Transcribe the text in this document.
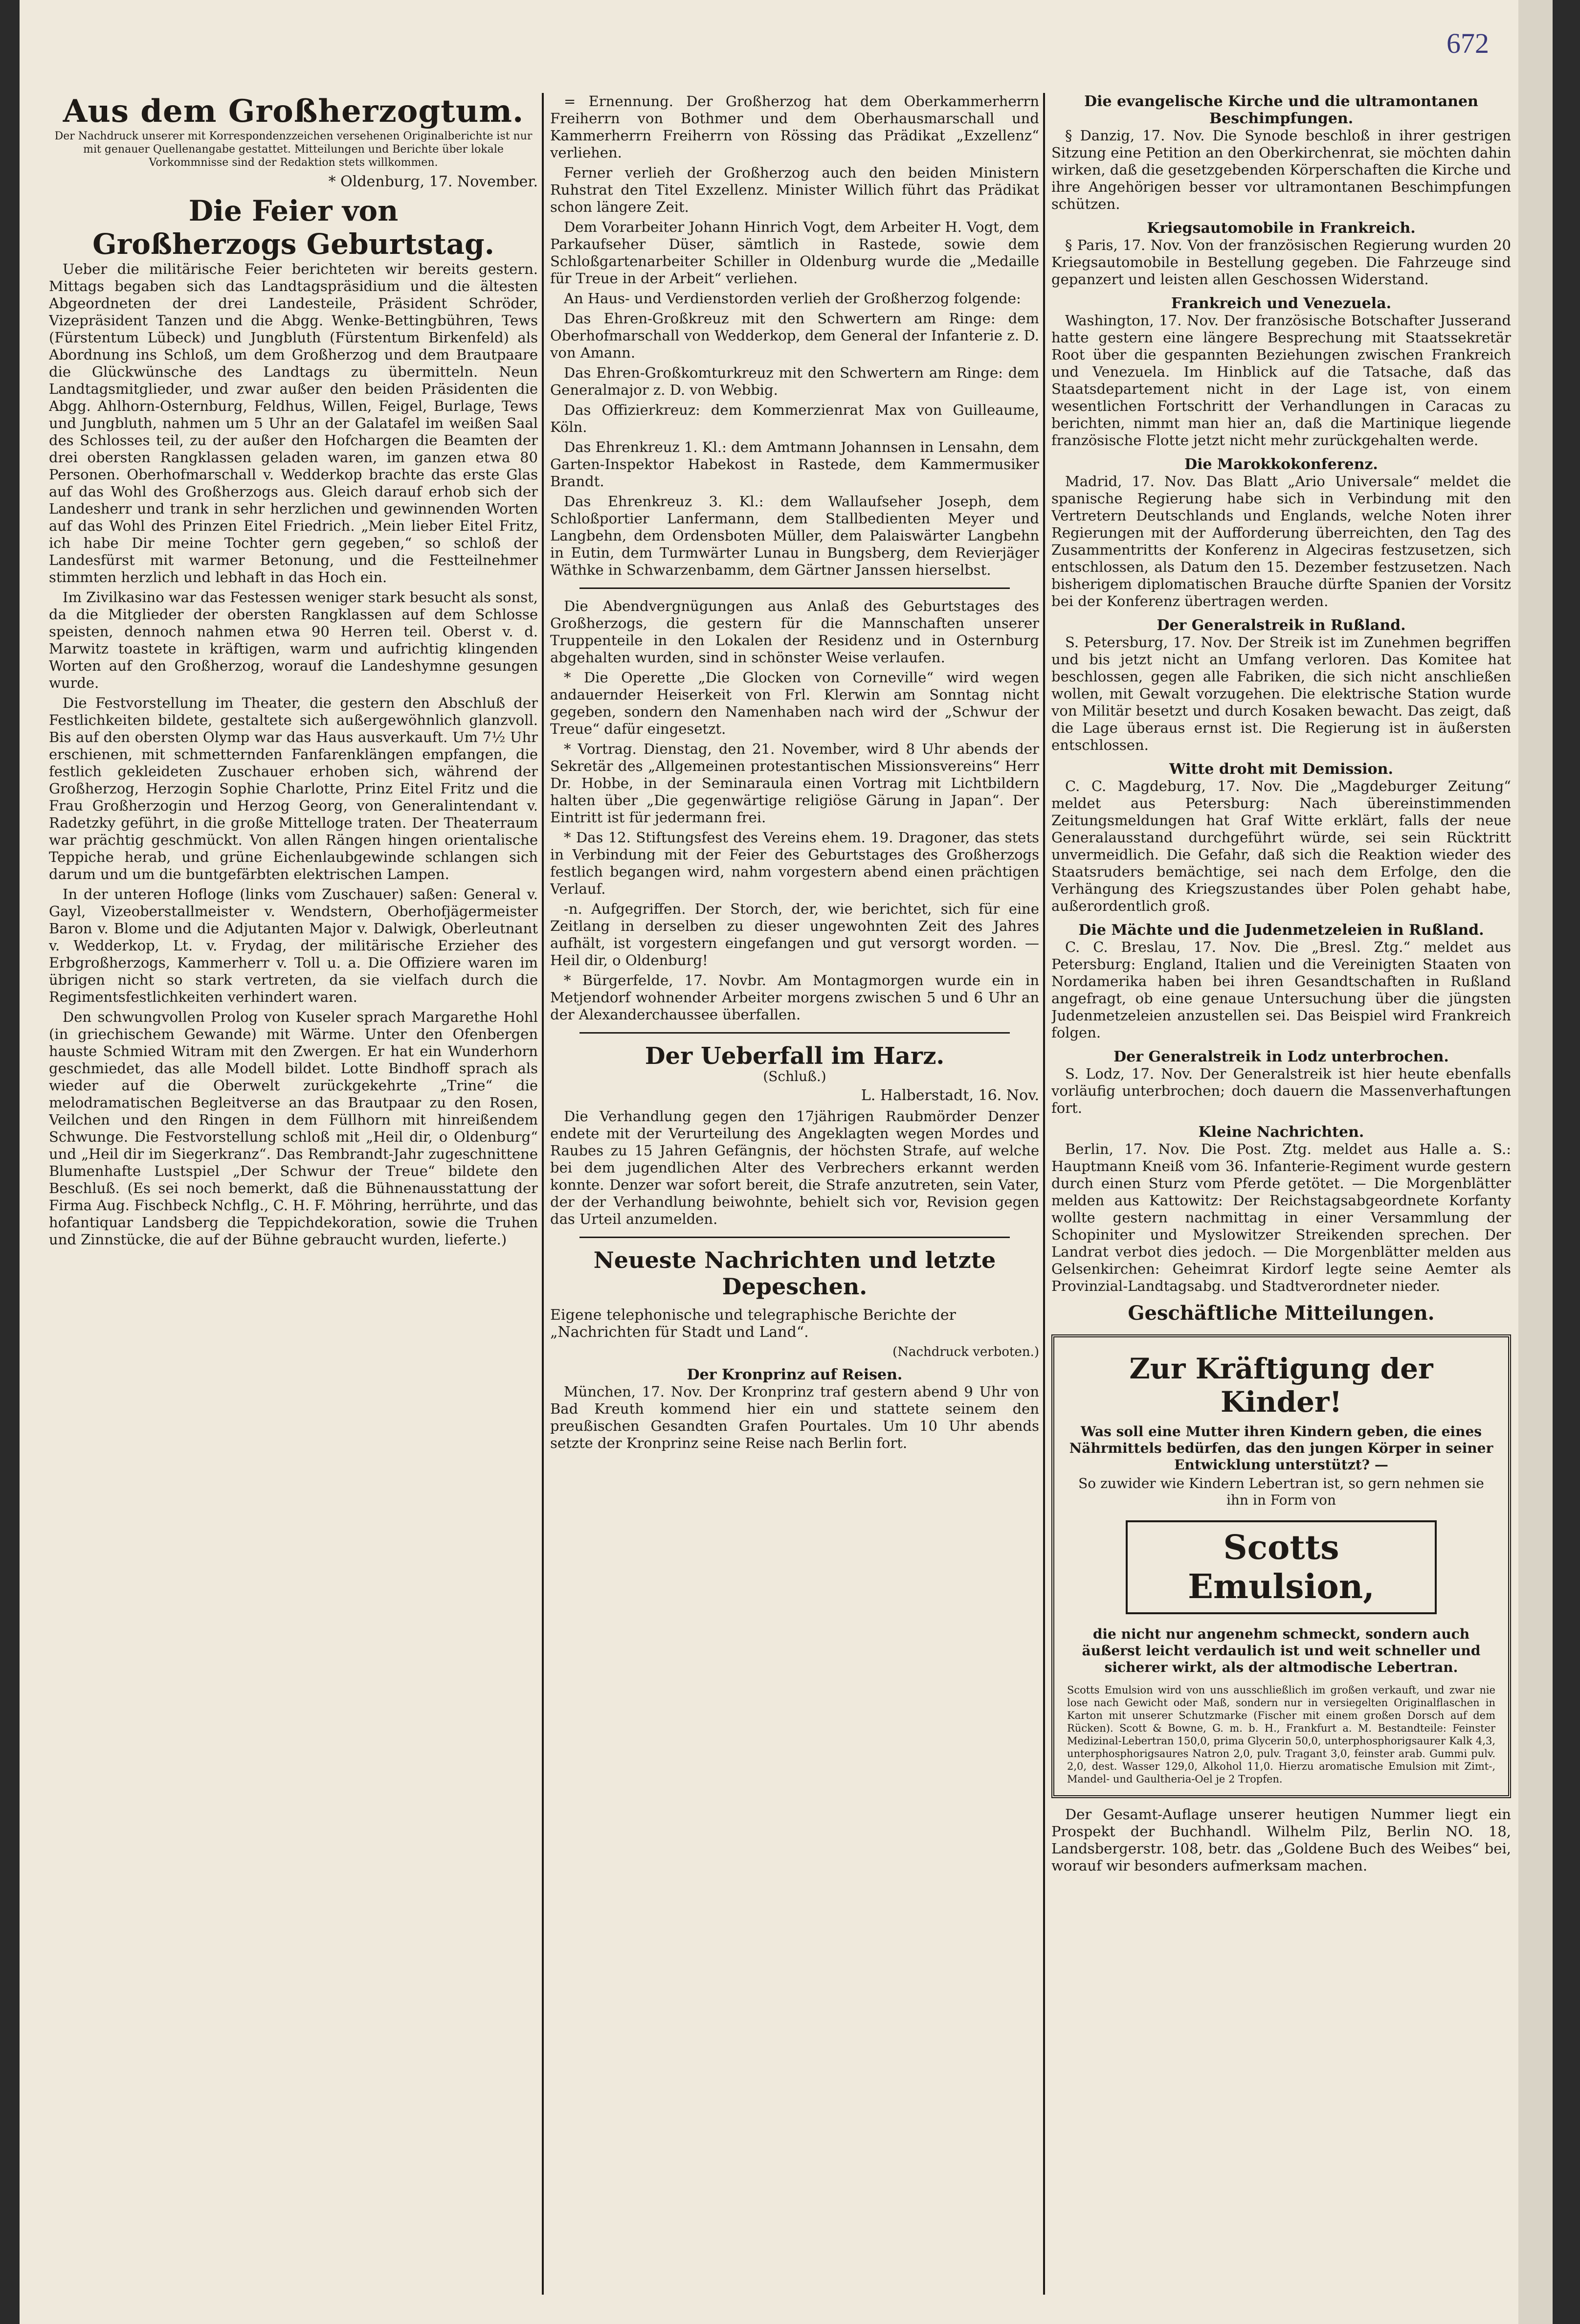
672
Aus dem Großherzogtum.
Der Nachdruck unserer mit Korrespondenzzeichen versehenen Originalberichte ist nur mit genauer Quellenangabe gestattet. Mitteilungen und Berichte über lokale Vorkommnisse sind der Redaktion stets willkommen.
* Oldenburg, 17. November.
Die Feier von
Großherzogs Geburtstag.

Ueber die militärische Feier berichteten wir bereits gestern. Mittags begaben sich das Landtagspräsidium und die ältesten Abgeordneten der drei Landesteile, Präsident Schröder, Vizepräsident Tanzen und die Abgg. Wenke-Bettingbühren, Tews (Fürstentum Lübeck) und Jungbluth (Fürstentum Birkenfeld) als Abordnung ins Schloß, um dem Großherzog und dem Brautpaare die Glückwünsche des Landtags zu übermitteln. Neun Landtagsmitglieder, und zwar außer den beiden Präsidenten die Abgg. Ahlhorn-Osternburg, Feldhus, Willen, Feigel, Burlage, Tews und Jungbluth, nahmen um 5 Uhr an der Galatafel im weißen Saal des Schlosses teil, zu der außer den Hofchargen die Beamten der drei obersten Rangklassen geladen waren, im ganzen etwa 80 Personen. Oberhofmarschall v. Wedderkop brachte das erste Glas auf das Wohl des Großherzogs aus. Gleich darauf erhob sich der Landesherr und trank in sehr herzlichen und gewinnenden Worten auf das Wohl des Prinzen Eitel Friedrich. „Mein lieber Eitel Fritz, ich habe Dir meine Tochter gern gegeben,“ so schloß der Landesfürst mit warmer Betonung, und die Festteilnehmer stimmten herzlich und lebhaft in das Hoch ein.

Im Zivilkasino war das Festessen weniger stark besucht als sonst, da die Mitglieder der obersten Rangklassen auf dem Schlosse speisten, dennoch nahmen etwa 90 Herren teil. Oberst v. d. Marwitz toastete in kräftigen, warm und aufrichtig klingenden Worten auf den Großherzog, worauf die Landeshymne gesungen wurde.

Die Festvorstellung im Theater, die gestern den Abschluß der Festlichkeiten bildete, gestaltete sich außergewöhnlich glanzvoll. Bis auf den obersten Olymp war das Haus ausverkauft. Um 7½ Uhr erschienen, mit schmetternden Fanfarenklängen empfangen, die festlich gekleideten Zuschauer erhoben sich, während der Großherzog, Herzogin Sophie Charlotte, Prinz Eitel Fritz und die Frau Großherzogin und Herzog Georg, von Generalintendant v. Radetzky geführt, in die große Mittelloge traten. Der Theaterraum war prächtig geschmückt. Von allen Rängen hingen orientalische Teppiche herab, und grüne Eichenlaubgewinde schlangen sich darum und um die buntgefärbten elektrischen Lampen.

In der unteren Hofloge (links vom Zuschauer) saßen: General v. Gayl, Vizeoberstallmeister v. Wendstern, Oberhofjägermeister Baron v. Blome und die Adjutanten Major v. Dalwigk, Oberleutnant v. Wedderkop, Lt. v. Frydag, der militärische Erzieher des Erbgroßherzogs, Kammerherr v. Toll u. a. Die Offiziere waren im übrigen nicht so stark vertreten, da sie vielfach durch die Regimentsfestlichkeiten verhindert waren.

Den schwungvollen Prolog von Kuseler sprach Margarethe Hohl (in griechischem Gewande) mit Wärme. Unter den Ofenbergen hauste Schmied Witram mit den Zwergen. Er hat ein Wunderhorn geschmiedet, das alle Modell bildet. Lotte Bindhoff sprach als wieder auf die Oberwelt zurückgekehrte „Trine“ die melodramatischen Begleitverse an das Brautpaar zu den Rosen, Veilchen und den Ringen in dem Füllhorn mit hinreißendem Schwunge. Die Festvorstellung schloß mit „Heil dir, o Oldenburg“ und „Heil dir im Siegerkranz“. Das Rembrandt-Jahr zugeschnittene Blumenhafte Lustspiel „Der Schwur der Treue“ bildete den Beschluß. (Es sei noch bemerkt, daß die Bühnenausstattung der Firma Aug. Fischbeck Nchflg., C. H. F. Möhring, herrührte, und das hofantiquar Landsberg die Teppichdekoration, sowie die Truhen und Zinnstücke, die auf der Bühne gebraucht wurden, lieferte.)

= Ernennung. Der Großherzog hat dem Oberkammerherrn Freiherrn von Bothmer und dem Oberhausmarschall und Kammerherrn Freiherrn von Rössing das Prädikat „Exzellenz“ verliehen.

Ferner verlieh der Großherzog auch den beiden Ministern Ruhstrat den Titel Exzellenz. Minister Willich führt das Prädikat schon längere Zeit.

Dem Vorarbeiter Johann Hinrich Vogt, dem Arbeiter H. Vogt, dem Parkaufseher Düser, sämtlich in Rastede, sowie dem Schloßgartenarbeiter Schiller in Oldenburg wurde die „Medaille für Treue in der Arbeit“ verliehen.

An Haus- und Verdienstorden verlieh der Großherzog folgende:

Das Ehren-Großkreuz mit den Schwertern am Ringe: dem Oberhofmarschall von Wedderkop, dem General der Infanterie z. D. von Amann.

Das Ehren-Großkomturkreuz mit den Schwertern am Ringe: dem Generalmajor z. D. von Webbig.

Das Offizierkreuz: dem Kommerzienrat Max von Guilleaume, Köln.

Das Ehrenkreuz 1. Kl.: dem Amtmann Johannsen in Lensahn, dem Garten-Inspektor Habekost in Rastede, dem Kammermusiker Brandt.

Das Ehrenkreuz 3. Kl.: dem Wallaufseher Joseph, dem Schloßportier Lanfermann, dem Stallbedienten Meyer und Langbehn, dem Ordensboten Müller, dem Palaiswärter Langbehn in Eutin, dem Turmwärter Lunau in Bungsberg, dem Revierjäger Wäthke in Schwarzenbamm, dem Gärtner Janssen hierselbst.

Die Abendvergnügungen aus Anlaß des Geburtstages des Großherzogs, die gestern für die Mannschaften unserer Truppenteile in den Lokalen der Residenz und in Osternburg abgehalten wurden, sind in schönster Weise verlaufen.

* Die Operette „Die Glocken von Corneville“ wird wegen andauernder Heiserkeit von Frl. Klerwin am Sonntag nicht gegeben, sondern den Namenhaben nach wird der „Schwur der Treue“ dafür eingesetzt.

* Vortrag. Dienstag, den 21. November, wird 8 Uhr abends der Sekretär des „Allgemeinen protestantischen Missionsvereins“ Herr Dr. Hobbe, in der Seminaraula einen Vortrag mit Lichtbildern halten über „Die gegenwärtige religiöse Gärung in Japan“. Der Eintritt ist für jedermann frei.

* Das 12. Stiftungsfest des Vereins ehem. 19. Dragoner, das stets in Verbindung mit der Feier des Geburtstages des Großherzogs festlich begangen wird, nahm vorgestern abend einen prächtigen Verlauf.

-n. Aufgegriffen. Der Storch, der, wie berichtet, sich für eine Zeitlang in derselben zu dieser ungewohnten Zeit des Jahres aufhält, ist vorgestern eingefangen und gut versorgt worden. — Heil dir, o Oldenburg!

* Bürgerfelde, 17. Novbr. Am Montagmorgen wurde ein in Metjendorf wohnender Arbeiter morgens zwischen 5 und 6 Uhr an der Alexanderchaussee überfallen.

Der Ueberfall im Harz.
(Schluß.)
L. Halberstadt, 16. Nov.

Die Verhandlung gegen den 17jährigen Raubmörder Denzer endete mit der Verurteilung des Angeklagten wegen Mordes und Raubes zu 15 Jahren Gefängnis, der höchsten Strafe, auf welche bei dem jugendlichen Alter des Verbrechers erkannt werden konnte. Denzer war sofort bereit, die Strafe anzutreten, sein Vater, der der Verhandlung beiwohnte, behielt sich vor, Revision gegen das Urteil anzumelden.

Neueste Nachrichten und letzte Depeschen.
Eigene telephonische und telegraphische Berichte der „Nachrichten für Stadt und Land“.
(Nachdruck verboten.)
Der Kronprinz auf Reisen.

München, 17. Nov. Der Kronprinz traf gestern abend 9 Uhr von Bad Kreuth kommend hier ein und stattete seinem den preußischen Gesandten Grafen Pourtales. Um 10 Uhr abends setzte der Kronprinz seine Reise nach Berlin fort.

Die evangelische Kirche und die ultramontanen Beschimpfungen.

§ Danzig, 17. Nov. Die Synode beschloß in ihrer gestrigen Sitzung eine Petition an den Oberkirchenrat, sie möchten dahin wirken, daß die gesetzgebenden Körperschaften die Kirche und ihre Angehörigen besser vor ultramontanen Beschimpfungen schützen.

Kriegsautomobile in Frankreich.

§ Paris, 17. Nov. Von der französischen Regierung wurden 20 Kriegsautomobile in Bestellung gegeben. Die Fahrzeuge sind gepanzert und leisten allen Geschossen Widerstand.

Frankreich und Venezuela.

Washington, 17. Nov. Der französische Botschafter Jusserand hatte gestern eine längere Besprechung mit Staatssekretär Root über die gespannten Beziehungen zwischen Frankreich und Venezuela. Im Hinblick auf die Tatsache, daß das Staatsdepartement nicht in der Lage ist, von einem wesentlichen Fortschritt der Verhandlungen in Caracas zu berichten, nimmt man hier an, daß die Martinique liegende französische Flotte jetzt nicht mehr zurückgehalten werde.

Die Marokkokonferenz.

Madrid, 17. Nov. Das Blatt „Ario Universale“ meldet die spanische Regierung habe sich in Verbindung mit den Vertretern Deutschlands und Englands, welche Noten ihrer Regierungen mit der Aufforderung überreichten, den Tag des Zusammentritts der Konferenz in Algeciras festzusetzen, sich entschlossen, als Datum den 15. Dezember festzusetzen. Nach bisherigem diplomatischen Brauche dürfte Spanien der Vorsitz bei der Konferenz übertragen werden.

Der Generalstreik in Rußland.

S. Petersburg, 17. Nov. Der Streik ist im Zunehmen begriffen und bis jetzt nicht an Umfang verloren. Das Komitee hat beschlossen, gegen alle Fabriken, die sich nicht anschließen wollen, mit Gewalt vorzugehen. Die elektrische Station wurde von Militär besetzt und durch Kosaken bewacht. Das zeigt, daß die Lage überaus ernst ist. Die Regierung ist in äußersten entschlossen.

Witte droht mit Demission.

C. C. Magdeburg, 17. Nov. Die „Magdeburger Zeitung“ meldet aus Petersburg: Nach übereinstimmenden Zeitungsmeldungen hat Graf Witte erklärt, falls der neue Generalausstand durchgeführt würde, sei sein Rücktritt unvermeidlich. Die Gefahr, daß sich die Reaktion wieder des Staatsruders bemächtige, sei nach dem Erfolge, den die Verhängung des Kriegszustandes über Polen gehabt habe, außerordentlich groß.

Die Mächte und die Judenmetzeleien in Rußland.

C. C. Breslau, 17. Nov. Die „Bresl. Ztg.“ meldet aus Petersburg: England, Italien und die Vereinigten Staaten von Nordamerika haben bei ihren Gesandtschaften in Rußland angefragt, ob eine genaue Untersuchung über die jüngsten Judenmetzeleien anzustellen sei. Das Beispiel wird Frankreich folgen.

Der Generalstreik in Lodz unterbrochen.

S. Lodz, 17. Nov. Der Generalstreik ist hier heute ebenfalls vorläufig unterbrochen; doch dauern die Massenverhaftungen fort.

Kleine Nachrichten.

Berlin, 17. Nov. Die Post. Ztg. meldet aus Halle a. S.: Hauptmann Kneiß vom 36. Infanterie-Regiment wurde gestern durch einen Sturz vom Pferde getötet. — Die Morgenblätter melden aus Kattowitz: Der Reichstagsabgeordnete Korfanty wollte gestern nachmittag in einer Versammlung der Schopiniter und Myslowitzer Streikenden sprechen. Der Landrat verbot dies jedoch. — Die Morgenblätter melden aus Gelsenkirchen: Geheimrat Kirdorf legte seine Aemter als Provinzial-Landtagsabg. und Stadtverordneter nieder.

Geschäftliche Mitteilungen.
Zur Kräftigung der Kinder!
Was soll eine Mutter ihren Kindern geben, die eines Nährmittels bedürfen, das den jungen Körper in seiner Entwicklung unterstützt? —
So zuwider wie Kindern Lebertran ist, so gern nehmen sie ihn in Form von
Scotts Emulsion,
die nicht nur angenehm schmeckt, sondern auch äußerst leicht verdaulich ist und weit schneller und sicherer wirkt, als der altmodische Lebertran.
Scotts Emulsion wird von uns ausschließlich im großen verkauft, und zwar nie lose nach Gewicht oder Maß, sondern nur in versiegelten Originalflaschen in Karton mit unserer Schutzmarke (Fischer mit einem großen Dorsch auf dem Rücken). Scott & Bowne, G. m. b. H., Frankfurt a. M. Bestandteile: Feinster Medizinal-Lebertran 150,0, prima Glycerin 50,0, unterphosphorigsaurer Kalk 4,3, unterphosphorigsaures Natron 2,0, pulv. Tragant 3,0, feinster arab. Gummi pulv. 2,0, dest. Wasser 129,0, Alkohol 11,0. Hierzu aromatische Emulsion mit Zimt-, Mandel- und Gaultheria-Oel je 2 Tropfen.

Der Gesamt-Auflage unserer heutigen Nummer liegt ein Prospekt der Buchhandl. Wilhelm Pilz, Berlin NO. 18, Landsbergerstr. 108, betr. das „Goldene Buch des Weibes“ bei, worauf wir besonders aufmerksam machen.
